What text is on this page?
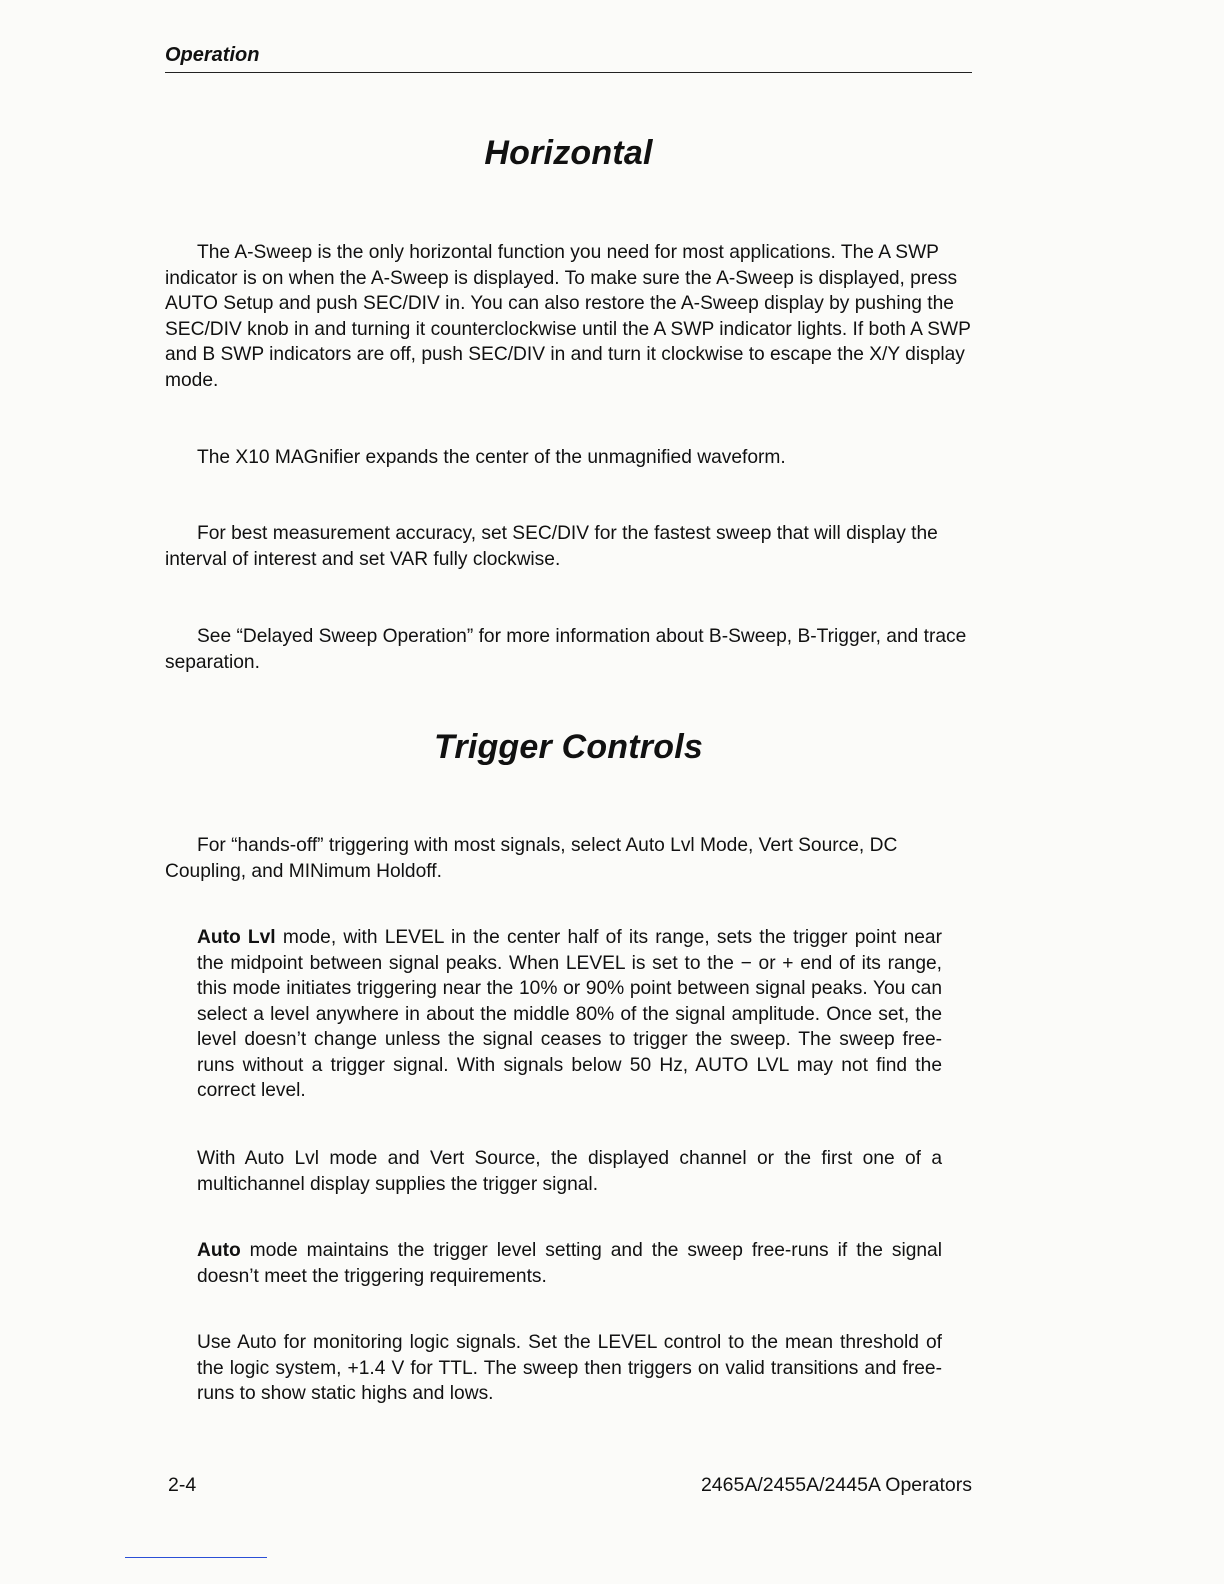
Operation
Horizontal

The A-Sweep is the only horizontal function you need for most applications. The A SWP indicator is on when the A-Sweep is displayed. To make sure the A-Sweep is displayed, press AUTO Setup and push SEC/DIV in. You can also restore the A-Sweep display by pushing the SEC/DIV knob in and turning it counterclockwise until the A SWP indicator lights. If both A SWP and B SWP indicators are off, push SEC/DIV in and turn it clockwise to escape the X/Y display mode.

The X10 MAGnifier expands the center of the unmagnified waveform.

For best measurement accuracy, set SEC/DIV for the fastest sweep that will display the interval of interest and set VAR fully clockwise.

See “Delayed Sweep Operation” for more information about B-Sweep, B-Trigger, and trace separation.

Trigger Controls

For “hands-off” triggering with most signals, select Auto Lvl Mode, Vert Source, DC Coupling, and MINimum Holdoff.

Auto Lvl mode, with LEVEL in the center half of its range, sets the trigger point near the midpoint between signal peaks. When LEVEL is set to the − or + end of its range, this mode initiates triggering near the 10% or 90% point between signal peaks. You can select a level anywhere in about the middle 80% of the signal amplitude. Once set, the level doesn’t change unless the signal ceases to trigger the sweep. The sweep free-runs without a trigger signal. With signals below 50 Hz, AUTO LVL may not find the correct level.

With Auto Lvl mode and Vert Source, the displayed channel or the first one of a multichannel display supplies the trigger signal.

Auto mode maintains the trigger level setting and the sweep free-runs if the signal doesn’t meet the triggering requirements.

Use Auto for monitoring logic signals. Set the LEVEL control to the mean threshold of the logic system, +1.4 V for TTL. The sweep then triggers on valid transitions and free-runs to show static highs and lows.

2-4	2465A/2455A/2445A Operators
